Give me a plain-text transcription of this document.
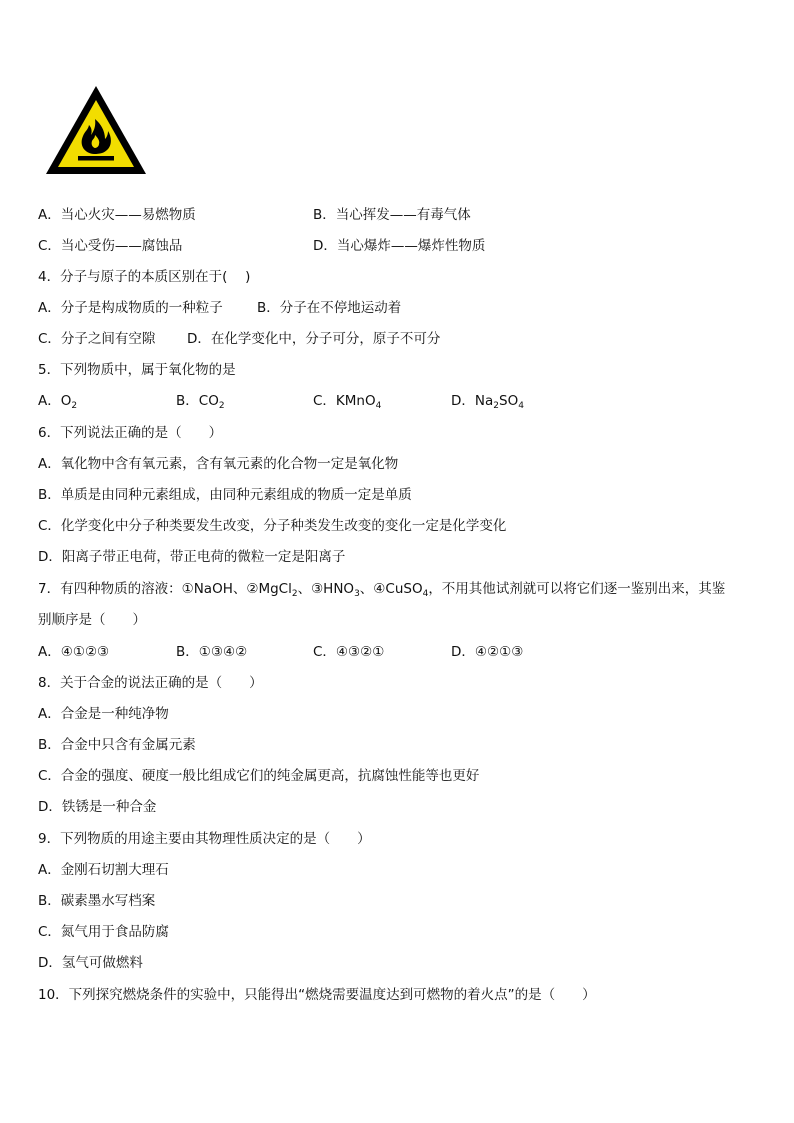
A．当心火灾——易燃物质	B．当心挥发——有毒气体
C．当心受伤——腐蚀品	D．当心爆炸——爆炸性物质
4．分子与原子的本质区别在于(　 )
A．分子是构成物质的一种粒子	B．分子在不停地运动着
C．分子之间有空隙 D．在化学变化中，分子可分，原子不可分
5．下列物质中，属于氧化物的是
A．$O_2$	B．$CO_2$	C．KMnO$_4$	D．$Na_2SO_4$
6．下列说法正确的是（　　）
A．氧化物中含有氧元素，含有氧元素的化合物一定是氧化物
B．单质是由同种元素组成，由同种元素组成的物质一定是单质
C．化学变化中分子种类要发生改变，分子种类发生改变的变化一定是化学变化
D．阳离子带正电荷，带正电荷的微粒一定是阳离子
7．有四种物质的溶液：①NaOH、②MgCl$_2$、$③HNO_3$、④CuSO$_4$，不用其他试剂就可以将它们逐一鉴别出来，其鉴
别顺序是（　　）
A．④①②③	B．①③④②	C．④③②①	D．④②①③
8．关于合金的说法正确的是（　　）
A．合金是一种纯净物
B．合金中只含有金属元素
C．合金的强度、硬度一般比组成它们的纯金属更高，抗腐蚀性能等也更好
D．铁锈是一种合金
9．下列物质的用途主要由其物理性质决定的是（　　）
A．金刚石切割大理石
B．碳素墨水写档案
C．氮气用于食品防腐
D．氢气可做燃料
10．下列探究燃烧条件的实验中，只能得出“燃烧需要温度达到可燃物的着火点”的是（　　）
